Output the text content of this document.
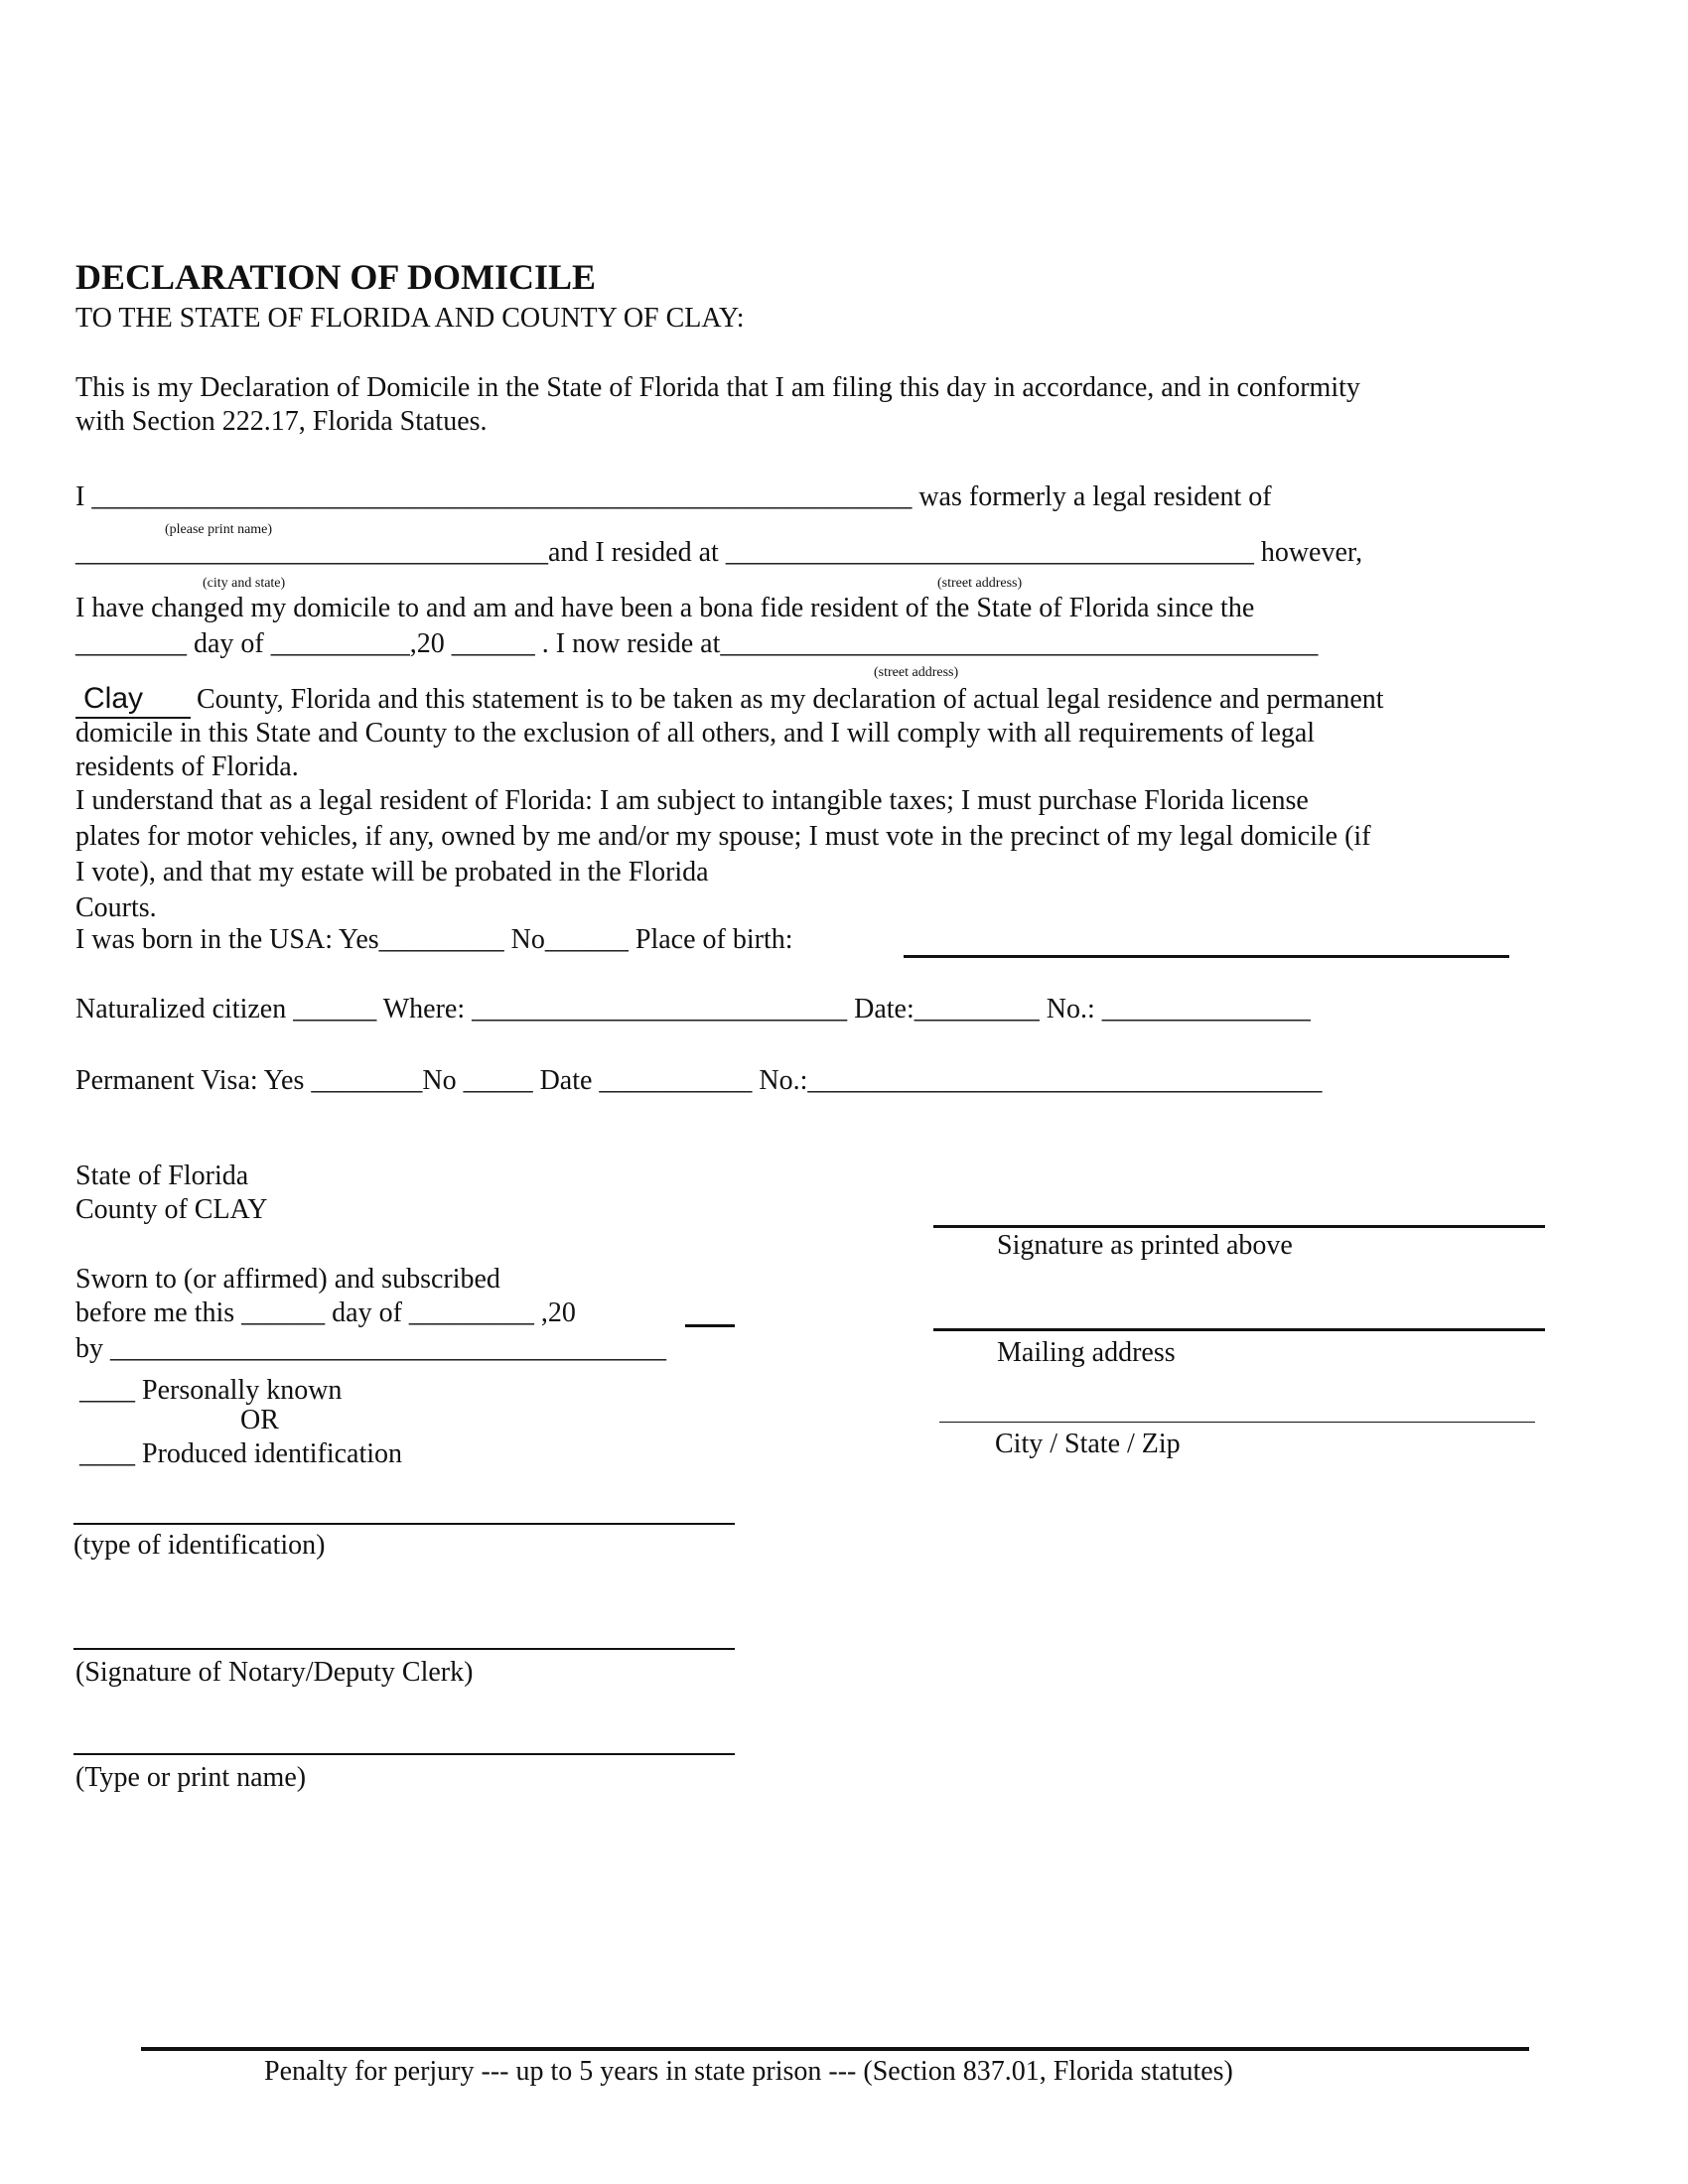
DECLARATION OF DOMICILE
TO THE STATE OF FLORIDA AND COUNTY OF CLAY:
This is my Declaration of Domicile in the State of Florida that I am filing this day in accordance, and in conformity
with Section 222.17, Florida Statues.
I ___________________________________________________________ was formerly a legal resident of
(please print name)
__________________________________and I resided at ______________________________________ however,
(city and state)	(street address)
I have changed my domicile to and am and have been a bona fide resident of the State of Florida since the
________ day of __________,20 ______ . I now reside at___________________________________________
(street address)
Clay County, Florida and this statement is to be taken as my declaration of actual legal residence and permanent
domicile in this State and County to the exclusion of all others, and I will comply with all requirements of legal
residents of Florida.
I understand that as a legal resident of Florida: I am subject to intangible taxes; I must purchase Florida license
plates for motor vehicles, if any, owned by me and/or my spouse; I must vote in the precinct of my legal domicile (if
I vote), and that my estate will be probated in the Florida
Courts.
I was born in the USA: Yes_________ No______ Place of birth:
Naturalized citizen ______ Where: ___________________________ Date:_________ No.: _______________
Permanent Visa: Yes ________No _____ Date ___________ No.:_____________________________________
State of Florida
County of CLAY
Sworn to (or affirmed) and subscribed
before me this ______ day of _________ ,20
by ________________________________________
____ Personally known
OR
____ Produced identification
(type of identification)
(Signature of Notary/Deputy Clerk)
(Type or print name)
Signature as printed above
Mailing address
City / State / Zip
Penalty for perjury --- up to 5 years in state prison --- (Section 837.01, Florida statutes)
